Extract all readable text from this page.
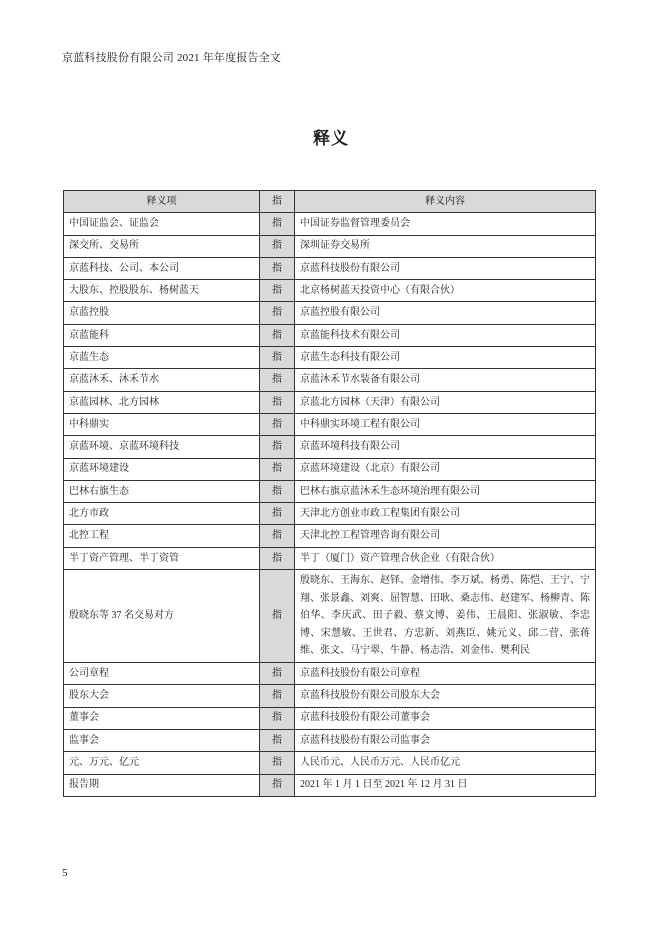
京蓝科技股份有限公司 2021 年年度报告全文
释义
释义项	指	释义内容
中国证监会、证监会	指	中国证券监督管理委员会
深交所、交易所	指	深圳证券交易所
京蓝科技、公司、本公司	指	京蓝科技股份有限公司
大股东、控股股东、杨树蓝天	指	北京杨树蓝天投资中心（有限合伙）
京蓝控股	指	京蓝控股有限公司
京蓝能科	指	京蓝能科技术有限公司
京蓝生态	指	京蓝生态科技有限公司
京蓝沐禾、沐禾节水	指	京蓝沐禾节水装备有限公司
京蓝园林、北方园林	指	京蓝北方园林（天津）有限公司
中科鼎实	指	中科鼎实环境工程有限公司
京蓝环境、京蓝环境科技	指	京蓝环境科技有限公司
京蓝环境建设	指	京蓝环境建设（北京）有限公司
巴林右旗生态	指	巴林右旗京蓝沐禾生态环境治理有限公司
北方市政	指	天津北方创业市政工程集团有限公司
北控工程	指	天津北控工程管理咨询有限公司
半丁资产管理、半丁资管	指	半丁（厦门）资产管理合伙企业（有限合伙）
殷晓东等 37 名交易对方	指	殷晓东、王海东、赵铎、金增伟、李万斌、杨勇、陈恺、王宁、宁翔、张景鑫、刘爽、屈智慧、田耿、桑志伟、赵建军、杨柳青、陈伯华、李庆武、田子毅、蔡文博、姜伟、王晨阳、张淑敏、李忠博、宋慧敏、王世君、方忠新、刘燕臣、姚元义、邱二营、张蒋维、张文、马宁翠、牛静、杨志浩、刘金伟、樊利民
公司章程	指	京蓝科技股份有限公司章程
股东大会	指	京蓝科技股份有限公司股东大会
董事会	指	京蓝科技股份有限公司董事会
监事会	指	京蓝科技股份有限公司监事会
元、万元、亿元	指	人民币元、人民币万元、人民币亿元
报告期	指	2021 年 1 月 1 日至 2021 年 12 月 31 日
5
